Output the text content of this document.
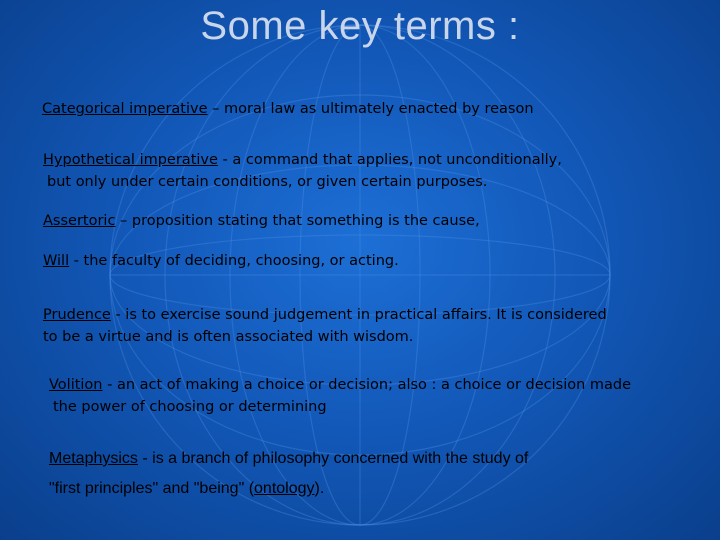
Some key terms :
Categorical imperative – moral law as ultimately enacted by reason
Hypothetical imperative - a command that applies, not unconditionally,
but only under certain conditions, or given certain purposes.
Assertoric – proposition stating that something is the cause,
Will - the faculty of deciding, choosing, or acting.
Prudence - is to exercise sound judgement in practical affairs. It is considered
to be a virtue and is often associated with wisdom.
Volition - an act of making a choice or decision; also : a choice or decision made
the power of choosing or determining
Metaphysics - is a branch of philosophy concerned with the study of
"first principles" and "being" (ontology).
